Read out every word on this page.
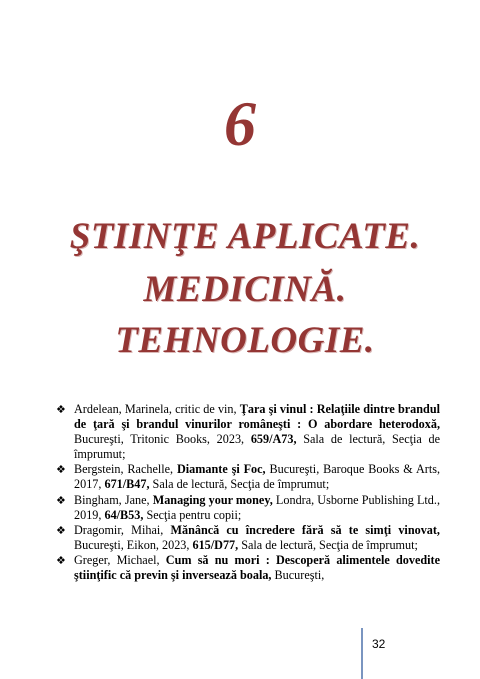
6
ŞTIINŢE APLICATE.
MEDICINĂ.
TEHNOLOGIE.
❖ Ardelean, Marinela, critic de vin, Ţara şi vinul : Relaţiile dintre brandul de ţară şi brandul vinurilor româneşti : O abordare heterodoxă, Bucureşti, Tritonic Books, 2023, 659/A73, Sala de lectură, Secţia de împrumut;
❖ Bergstein, Rachelle, Diamante şi Foc, Bucureşti, Baroque Books & Arts, 2017, 671/B47, Sala de lectură, Secţia de împrumut;
❖ Bingham, Jane, Managing your money, Londra, Usborne Publishing Ltd., 2019, 64/B53, Secţia pentru copii;
❖ Dragomir, Mihai, Mănâncă cu încredere fără să te simţi vinovat, Bucureşti, Eikon, 2023, 615/D77, Sala de lectură, Secţia de împrumut;
❖ Greger, Michael, Cum să nu mori : Descoperă alimentele dovedite ştiinţific că previn şi inversează boala, Bucureşti,
32
